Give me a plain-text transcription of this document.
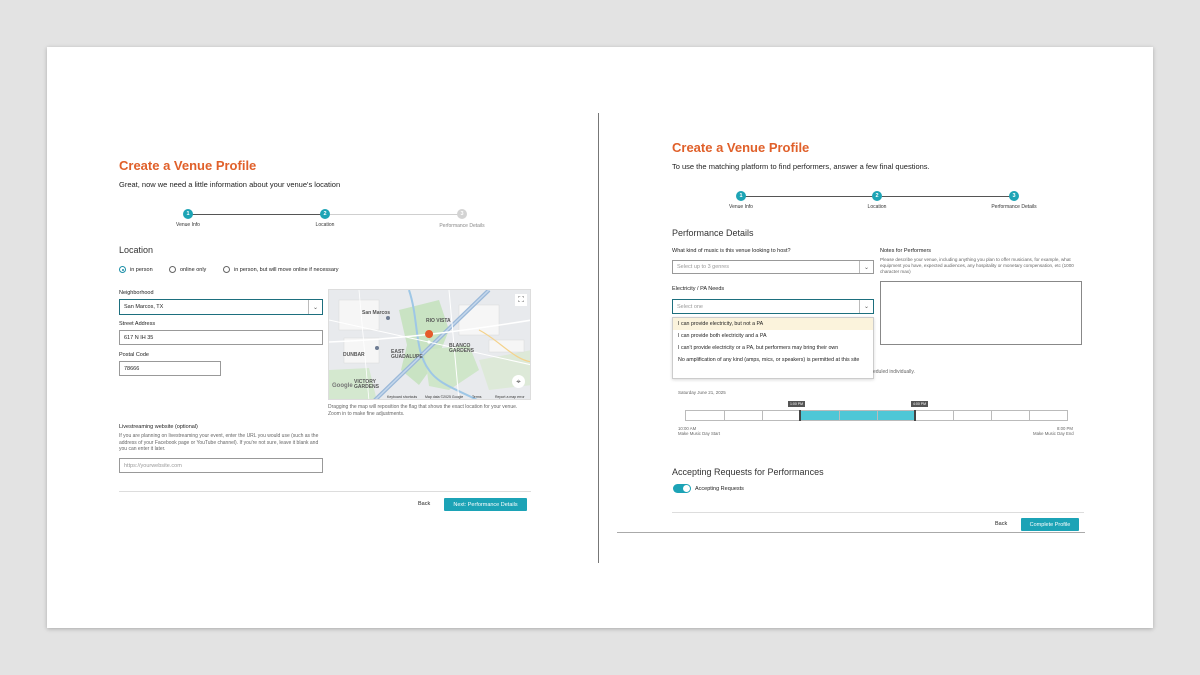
Create a Venue Profile
Great, now we need a little information about your venue's location
1	2	3
Venue Info	Location	Performance Details
Location
in person	online only	in person, but will move online if necessary
Neighborhood
San Marcos, TX	⌄
Street Address
617 N IH 35
Postal Code
78666
San Marcos
RIO VISTA
DUNBAR	EAST GUADALUPE
BLANCO GARDENS
VICTORY GARDENS
Google
⛶
⌖
Keyboard shortcuts Map data ©2025 Google	Terms	Report a map error
Dragging the map will reposition the flag that shows the exact location for your venue. Zoom in to make fine adjustments.
Livestreaming website (optional)
If you are planning on livestreaming your event, enter the URL you would use (such as the address of your Facebook page or YouTube channel). If you're not sure, leave it blank and you can enter it later.
https://yourwebsite.com
Back	Next: Performance Details
Create a Venue Profile
To use the matching platform to find performers, answer a few final questions.
1	2	3
Venue Info	Location	Performance Details
Performance Details
What kind of music is this venue looking to host?
Select up to 3 genres	⌄
Notes for Performers
Please describe your venue, including anything you plan to offer musicians, for example, what equipment you have, expected audiences, any hospitality or monetary compensation, etc (1000 character max)
Electricity / PA Needs
Select one	⌄
I can provide electricity, but not a PA
I can provide both electricity and a PA
I can't provide electricity or a PA, but performers may bring their own
No amplification of any kind (amps, mics, or speakers) is permitted at this site
eduled individually.
Saturday June 21, 2025
1:00 PM	4:00 PM
10:00 AM
Make Music Day Start
8:00 PM
Make Music Day End
Accepting Requests for Performances
Accepting Requests
Back	Complete Profile
